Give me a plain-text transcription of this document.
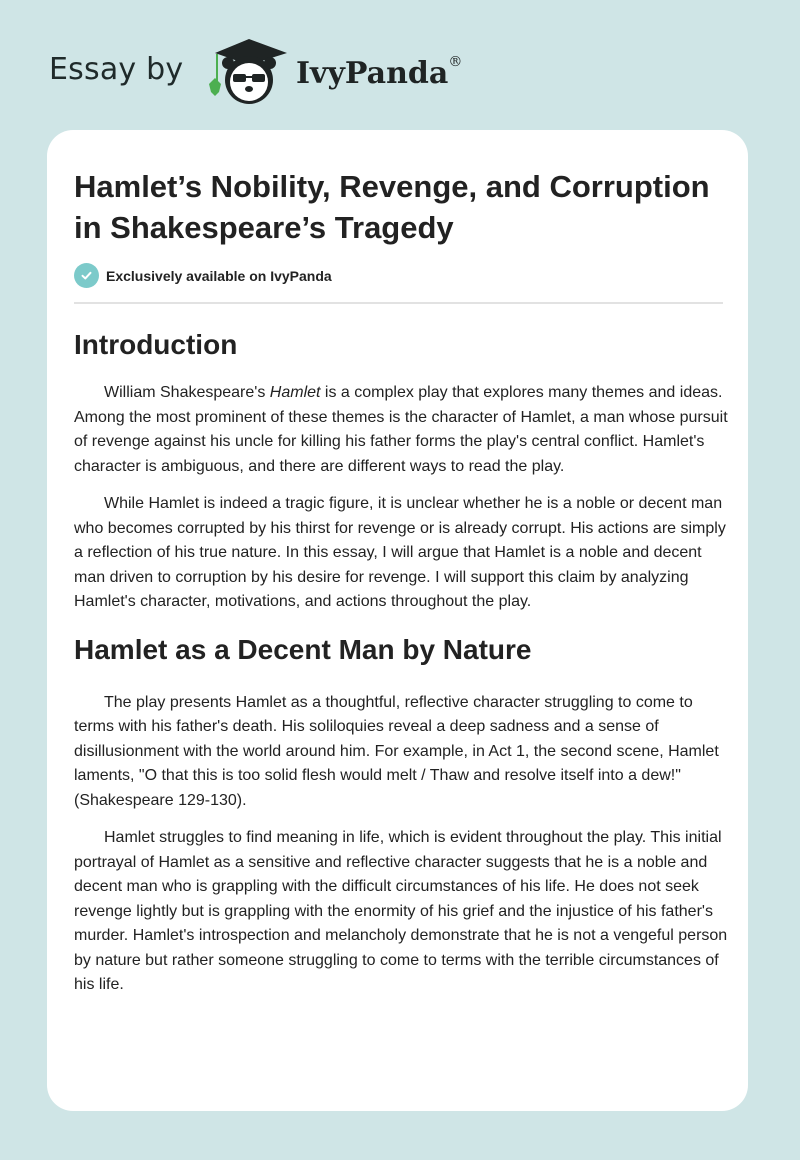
Essay by	IvyPanda®
Hamlet’s Nobility, Revenge, and Corruption in Shakespeare’s Tragedy
Exclusively available on IvyPanda
Introduction

William Shakespeare's Hamlet is a complex play that explores many themes and ideas. Among the most prominent of these themes is the character of Hamlet, a man whose pursuit of revenge against his uncle for killing his father forms the play's central conflict. Hamlet's character is ambiguous, and there are different ways to read the play.

While Hamlet is indeed a tragic figure, it is unclear whether he is a noble or decent man who becomes corrupted by his thirst for revenge or is already corrupt. His actions are simply a reflection of his true nature. In this essay, I will argue that Hamlet is a noble and decent man driven to corruption by his desire for revenge. I will support this claim by analyzing Hamlet's character, motivations, and actions throughout the play.

Hamlet as a Decent Man by Nature

The play presents Hamlet as a thoughtful, reflective character struggling to come to terms with his father's death. His soliloquies reveal a deep sadness and a sense of disillusionment with the world around him. For example, in Act 1, the second scene, Hamlet laments, "O that this is too solid flesh would melt / Thaw and resolve itself into a dew!" (Shakespeare 129-130).

Hamlet struggles to find meaning in life, which is evident throughout the play. This initial portrayal of Hamlet as a sensitive and reflective character suggests that he is a noble and decent man who is grappling with the difficult circumstances of his life. He does not seek revenge lightly but is grappling with the enormity of his grief and the injustice of his father's murder. Hamlet's introspection and melancholy demonstrate that he is not a vengeful person by nature but rather someone struggling to come to terms with the terrible circumstances of his life.
